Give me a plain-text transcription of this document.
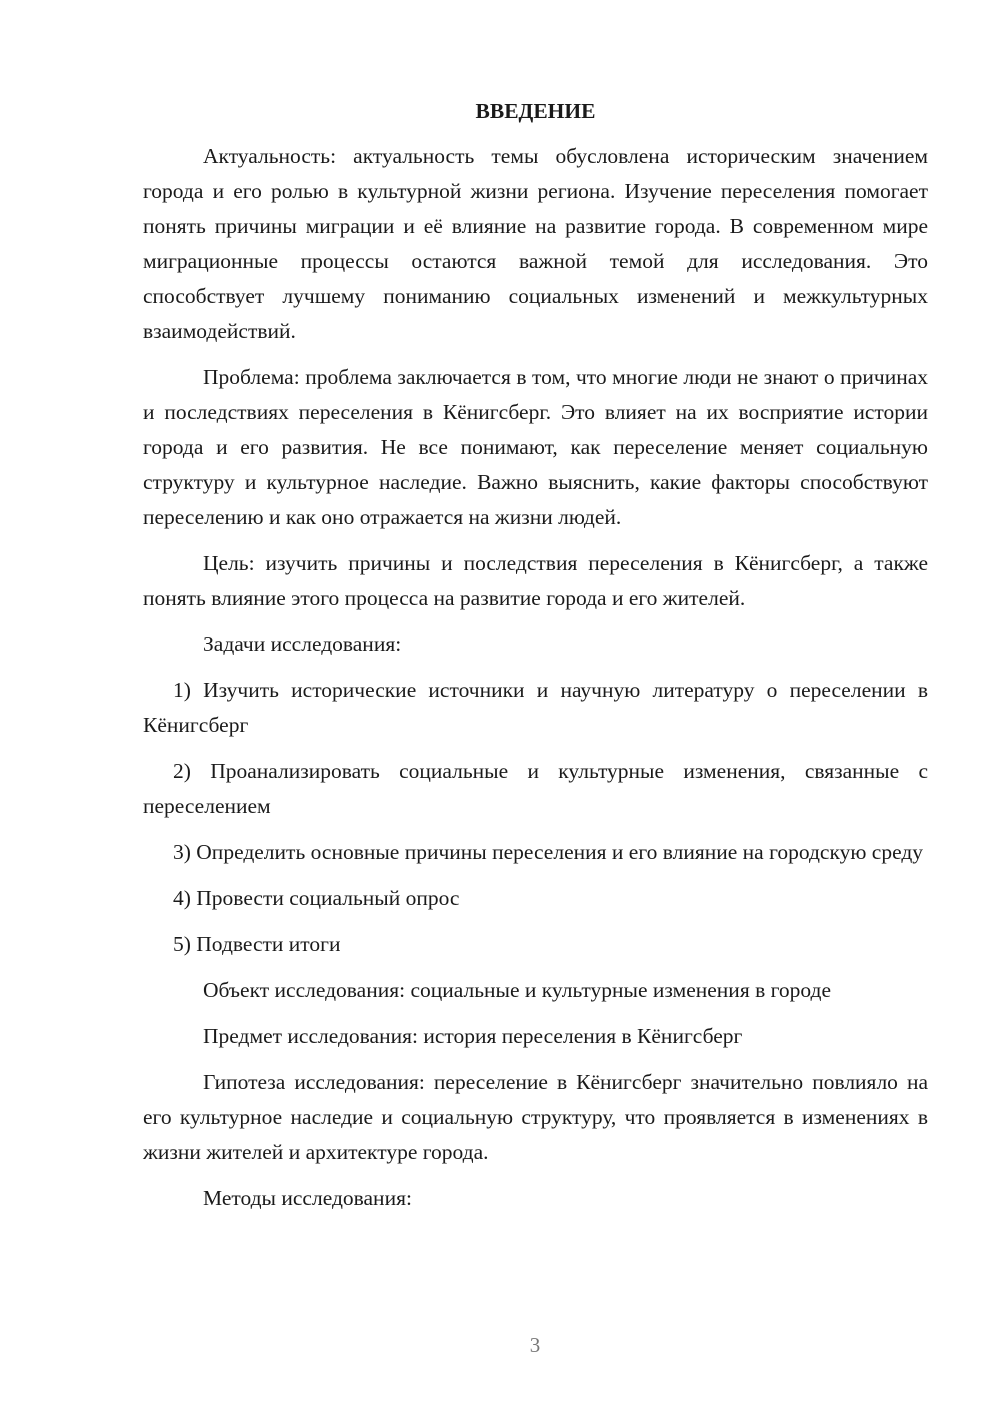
ВВЕДЕНИЕ

Актуальность: актуальность темы обусловлена историческим значением города и его ролью в культурной жизни региона. Изучение переселения помогает понять причины миграции и её влияние на развитие города. В современном мире миграционные процессы остаются важной темой для исследования. Это способствует лучшему пониманию социальных изменений и межкультурных взаимодействий.

Проблема: проблема заключается в том, что многие люди не знают о причинах и последствиях переселения в Кёнигсберг. Это влияет на их восприятие истории города и его развития. Не все понимают, как переселение меняет социальную структуру и культурное наследие. Важно выяснить, какие факторы способствуют переселению и как оно отражается на жизни людей.

Цель: изучить причины и последствия переселения в Кёнигсберг, а также понять влияние этого процесса на развитие города и его жителей.

Задачи исследования:

1) Изучить исторические источники и научную литературу о переселении в Кёнигсберг

2) Проанализировать социальные и культурные изменения, связанные с переселением

3) Определить основные причины переселения и его влияние на городскую среду

4) Провести социальный опрос

5) Подвести итоги

Объект исследования: социальные и культурные изменения в городе

Предмет исследования: история переселения в Кёнигсберг

Гипотеза исследования: переселение в Кёнигсберг значительно повлияло на его культурное наследие и социальную структуру, что проявляется в изменениях в жизни жителей и архитектуре города.

Методы исследования:

3
